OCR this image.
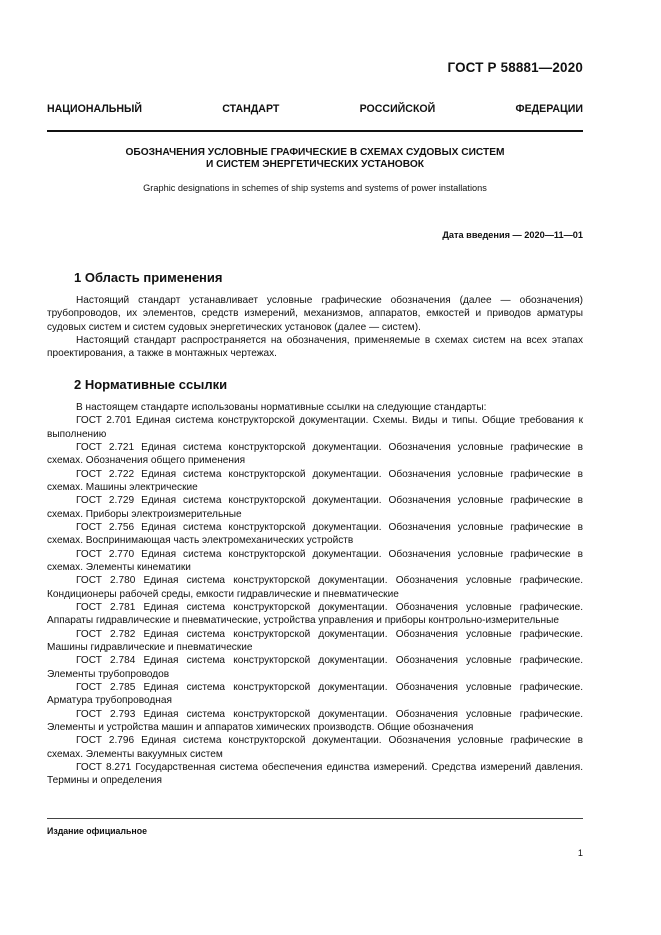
ГОСТ Р 58881—2020
НАЦИОНАЛЬНЫЙ СТАНДАРТ РОССИЙСКОЙ ФЕДЕРАЦИИ
ОБОЗНАЧЕНИЯ УСЛОВНЫЕ ГРАФИЧЕСКИЕ В СХЕМАХ СУДОВЫХ СИСТЕМ
И СИСТЕМ ЭНЕРГЕТИЧЕСКИХ УСТАНОВОК
Graphic designations in schemes of ship systems and systems of power installations
Дата введения — 2020—11—01
1 Область применения

Настоящий стандарт устанавливает условные графические обозначения (далее — обозначения) трубопроводов, их элементов, средств измерений, механизмов, аппаратов, емкостей и приводов арматуры судовых систем и систем судовых энергетических установок (далее — систем).

Настоящий стандарт распространяется на обозначения, применяемые в схемах систем на всех этапах проектирования, а также в монтажных чертежах.

2 Нормативные ссылки

В настоящем стандарте использованы нормативные ссылки на следующие стандарты:

ГОСТ 2.701 Единая система конструкторской документации. Схемы. Виды и типы. Общие требования к выполнению

ГОСТ 2.721 Единая система конструкторской документации. Обозначения условные графические в схемах. Обозначения общего применения

ГОСТ 2.722 Единая система конструкторской документации. Обозначения условные графические в схемах. Машины электрические

ГОСТ 2.729 Единая система конструкторской документации. Обозначения условные графические в схемах. Приборы электроизмерительные

ГОСТ 2.756 Единая система конструкторской документации. Обозначения условные графические в схемах. Воспринимающая часть электромеханических устройств

ГОСТ 2.770 Единая система конструкторской документации. Обозначения условные графические в схемах. Элементы кинематики

ГОСТ 2.780 Единая система конструкторской документации. Обозначения условные графические. Кондиционеры рабочей среды, емкости гидравлические и пневматические

ГОСТ 2.781 Единая система конструкторской документации. Обозначения условные графические. Аппараты гидравлические и пневматические, устройства управления и приборы контрольно-измерительные

ГОСТ 2.782 Единая система конструкторской документации. Обозначения условные графические. Машины гидравлические и пневматические

ГОСТ 2.784 Единая система конструкторской документации. Обозначения условные графические. Элементы трубопроводов

ГОСТ 2.785 Единая система конструкторской документации. Обозначения условные графические. Арматура трубопроводная

ГОСТ 2.793 Единая система конструкторской документации. Обозначения условные графические. Элементы и устройства машин и аппаратов химических производств. Общие обозначения

ГОСТ 2.796 Единая система конструкторской документации. Обозначения условные графические в схемах. Элементы вакуумных систем

ГОСТ 8.271 Государственная система обеспечения единства измерений. Средства измерений давления. Термины и определения

Издание официальное
1
